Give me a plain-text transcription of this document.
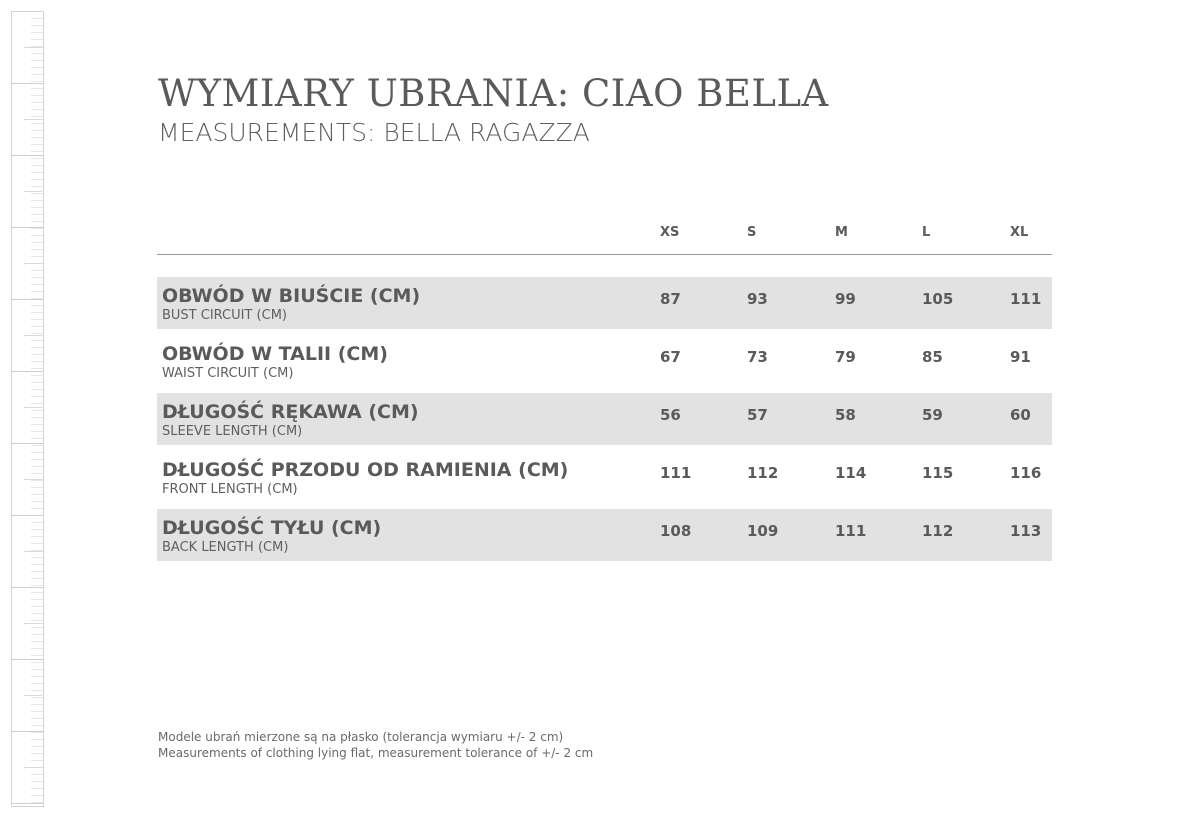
WYMIARY UBRANIA: CIAO BELLA
MEASUREMENTS: BELLA RAGAZZA
XS	S	M	L	XL
OBWÓD W BIUŚCIE (CM)
BUST CIRCUIT (CM)
87	93	99	105	111
OBWÓD W TALII (CM)
WAIST CIRCUIT (CM)
67	73	79	85	91
DŁUGOŚĆ RĘKAWA (CM)
SLEEVE LENGTH (CM)
56	57	58	59	60
DŁUGOŚĆ PRZODU OD RAMIENIA (CM)
FRONT LENGTH (CM)
111	112	114	115	116
DŁUGOŚĆ TYŁU (CM)
BACK LENGTH (CM)
108	109	111	112	113
Modele ubrań mierzone są na płasko (tolerancja wymiaru +/- 2 cm)
Measurements of clothing lying flat, measurement tolerance of +/- 2 cm
